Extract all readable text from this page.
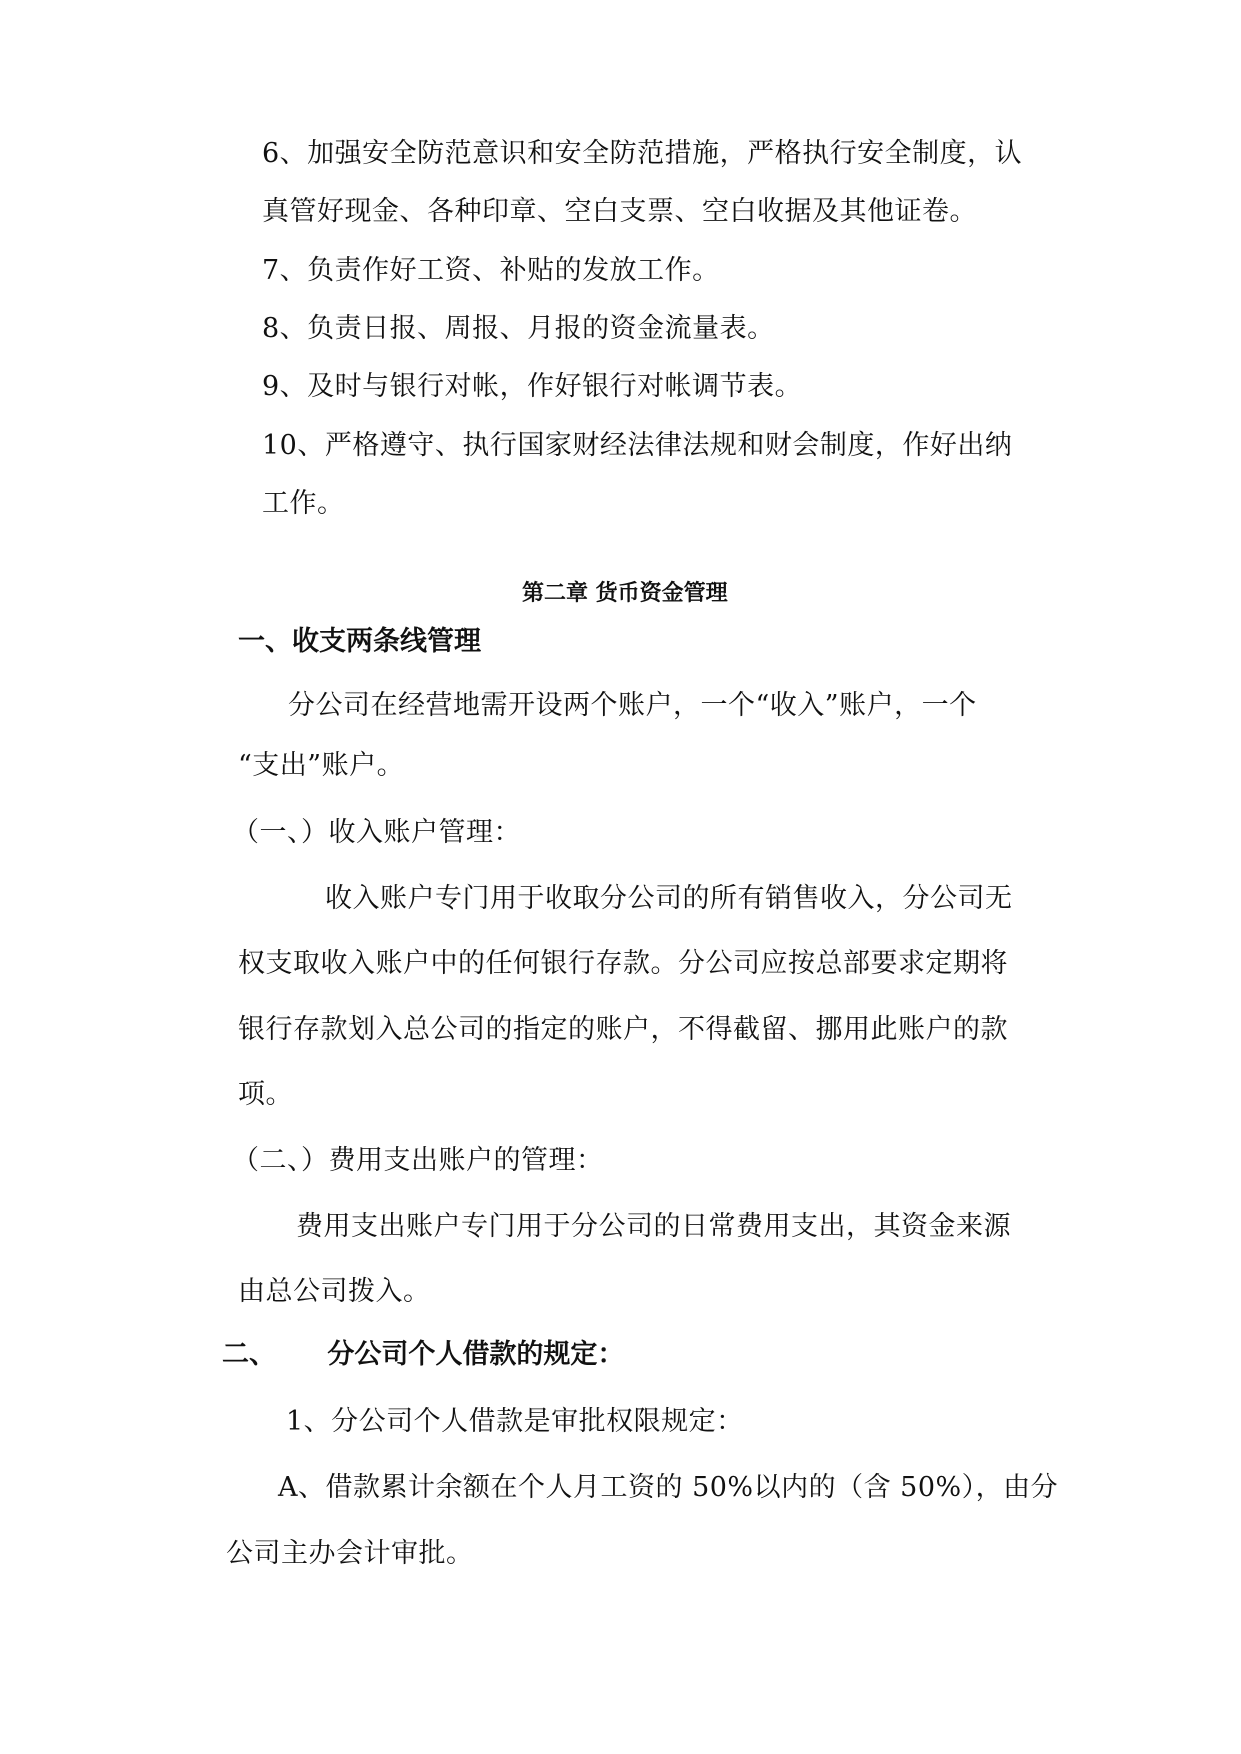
6、加强安全防范意识和安全防范措施，严格执行安全制度，认
真管好现金、各种印章、空白支票、空白收据及其他证卷。
7、负责作好工资、补贴的发放工作。
8、负责日报、周报、月报的资金流量表。
9、及时与银行对帐，作好银行对帐调节表。
10、严格遵守、执行国家财经法律法规和财会制度，作好出纳
工作。
第二章 货币资金管理
一、收支两条线管理
分公司在经营地需开设两个账户，一个“收入”账户，一个
“支出”账户。
（一、）收入账户管理：
收入账户专门用于收取分公司的所有销售收入，分公司无
权支取收入账户中的任何银行存款。分公司应按总部要求定期将
银行存款划入总公司的指定的账户，不得截留、挪用此账户的款
项。
（二、）费用支出账户的管理：
费用支出账户专门用于分公司的日常费用支出，其资金来源
由总公司拨入。
二、 分公司个人借款的规定：
1、分公司个人借款是审批权限规定：
A、借款累计余额在个人月工资的 50%以内的（含 50%），由分
公司主办会计审批。
